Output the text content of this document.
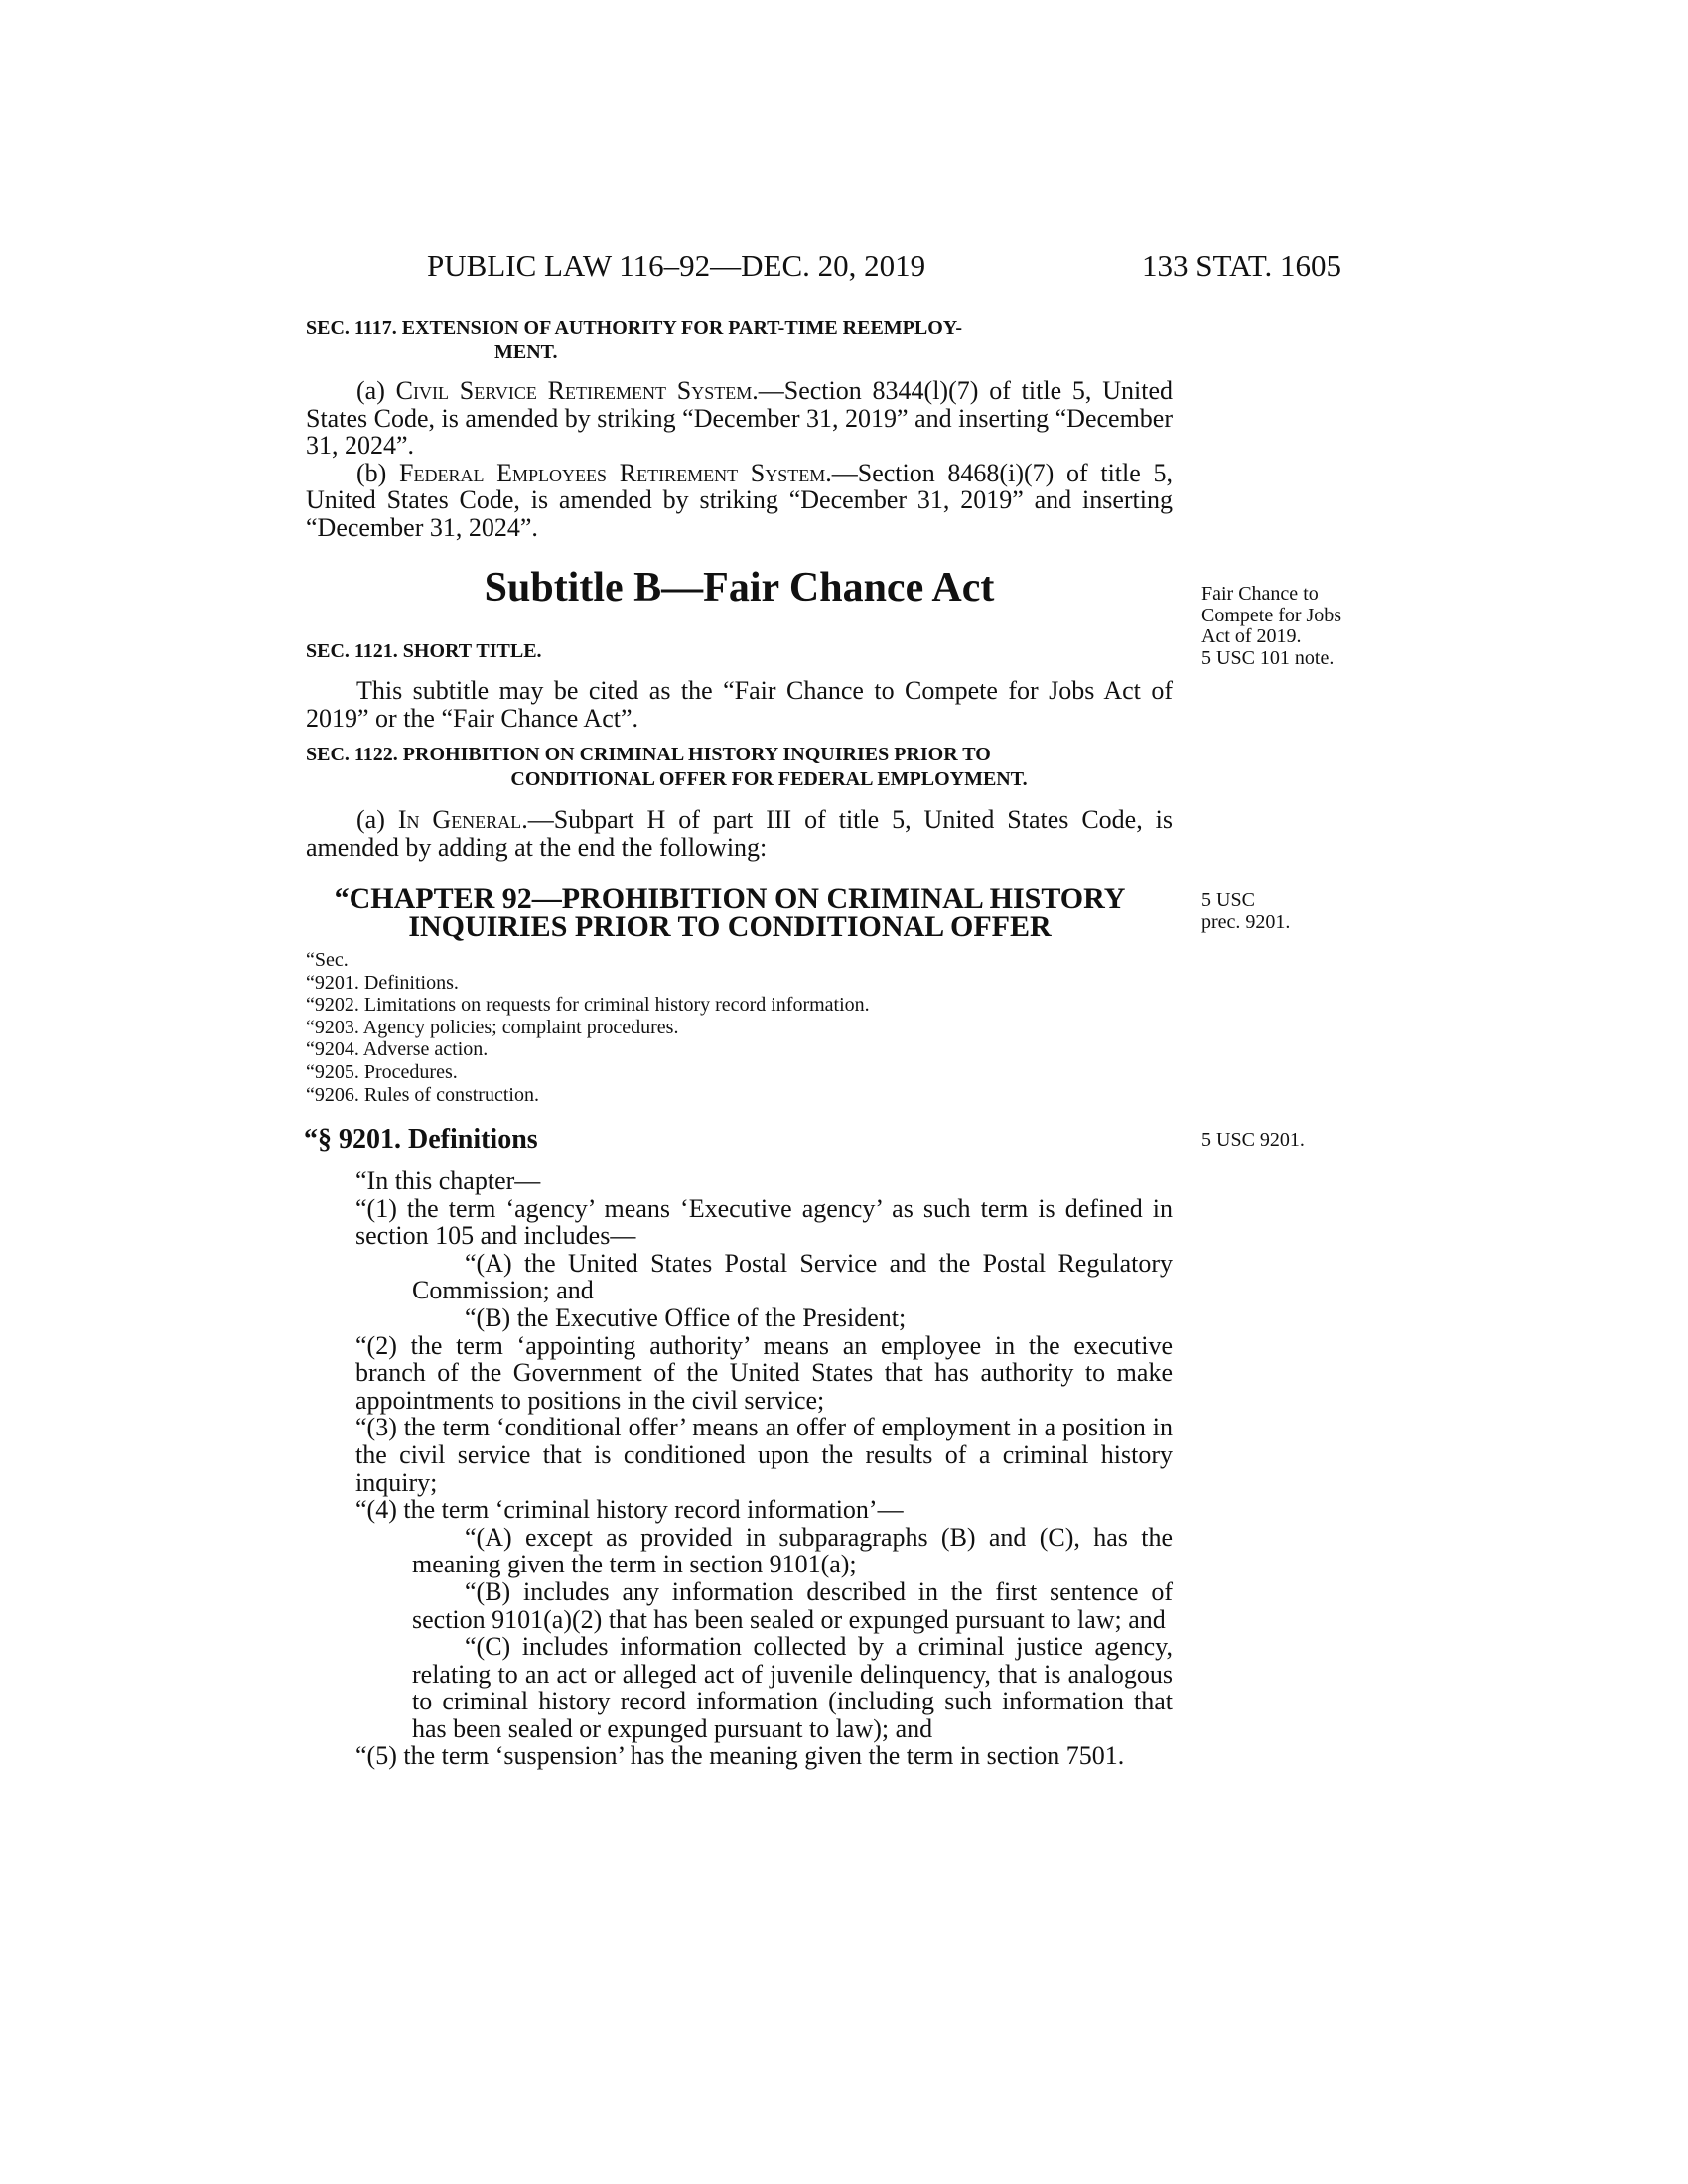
PUBLIC LAW 116–92—DEC. 20, 2019	133 STAT. 1605
SEC. 1117. EXTENSION OF AUTHORITY FOR PART-TIME REEMPLOY-
MENT.

(a) Civil Service Retirement System.—Section 8344(l)(7) of title 5, United States Code, is amended by striking “December 31, 2019” and inserting “December 31, 2024”.

(b) Federal Employees Retirement System.—Section 8468(i)(7) of title 5, United States Code, is amended by striking “December 31, 2019” and inserting “December 31, 2024”.

Subtitle B—Fair Chance Act	Fair Chance to
Compete for Jobs
Act of 2019.
5 USC 101 note.
SEC. 1121. SHORT TITLE.

This subtitle may be cited as the “Fair Chance to Compete for Jobs Act of 2019” or the “Fair Chance Act”.

SEC. 1122. PROHIBITION ON CRIMINAL HISTORY INQUIRIES PRIOR TO
CONDITIONAL OFFER FOR FEDERAL EMPLOYMENT.

(a) In General.—Subpart H of part III of title 5, United States Code, is amended by adding at the end the following:

“CHAPTER 92—PROHIBITION ON CRIMINAL HISTORY
INQUIRIES PRIOR TO CONDITIONAL OFFER
5 USC
prec. 9201.
“Sec.
“9201. Definitions.
“9202. Limitations on requests for criminal history record information.
“9203. Agency policies; complaint procedures.
“9204. Adverse action.
“9205. Procedures.
“9206. Rules of construction.
“§ 9201. Definitions	5 USC 9201.

“In this chapter—

“(1) the term ‘agency’ means ‘Executive agency’ as such term is defined in section 105 and includes—

“(A) the United States Postal Service and the Postal Regulatory Commission; and

“(B) the Executive Office of the President;

“(2) the term ‘appointing authority’ means an employee in the executive branch of the Government of the United States that has authority to make appointments to positions in the civil service;

“(3) the term ‘conditional offer’ means an offer of employment in a position in the civil service that is conditioned upon the results of a criminal history inquiry;

“(4) the term ‘criminal history record information’—

“(A) except as provided in subparagraphs (B) and (C), has the meaning given the term in section 9101(a);

“(B) includes any information described in the first sentence of section 9101(a)(2) that has been sealed or expunged pursuant to law; and

“(C) includes information collected by a criminal justice agency, relating to an act or alleged act of juvenile delinquency, that is analogous to criminal history record information (including such information that has been sealed or expunged pursuant to law); and

“(5) the term ‘suspension’ has the meaning given the term in section 7501.
